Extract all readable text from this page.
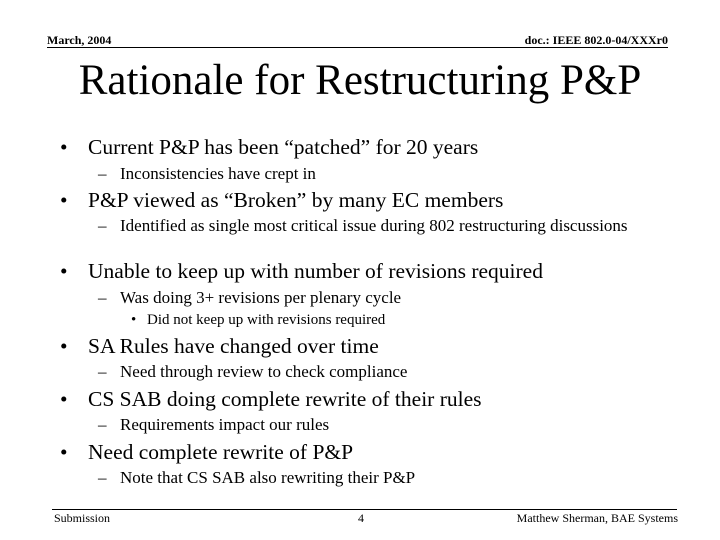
March, 2004	doc.: IEEE 802.0-04/XXXr0
Rationale for Restructuring P&P
• Current P&P has been “patched” for 20 years
– Inconsistencies have crept in
• P&P viewed as “Broken” by many EC members
– Identified as single most critical issue during 802 restructuring discussions
• Unable to keep up with number of revisions required
– Was doing 3+ revisions per plenary cycle
• Did not keep up with revisions required
• SA Rules have changed over time
– Need through review to check compliance
• CS SAB doing complete rewrite of their rules
– Requirements impact our rules
• Need complete rewrite of P&P
– Note that CS SAB also rewriting their P&P
Submission	4	Matthew Sherman, BAE Systems
